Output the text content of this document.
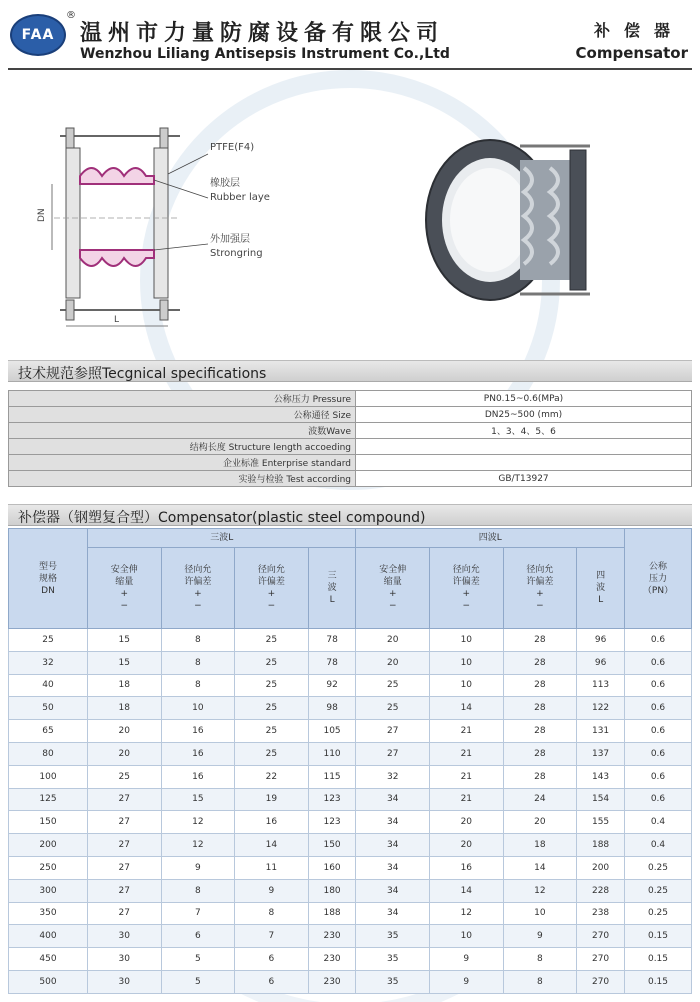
FAA
®
温州市力量防腐设备有限公司
Wenzhou Liliang Antisepsis Instrument Co.,Ltd
补偿器
Compensator
DN
L
PTFE(F4)
橡胶层
Rubber laye
外加强层
Strongring
技术规范参照Tecgnical specifications
公称压力 Pressure	PN0.15~0.6(MPa)
公称通径 Size	DN25~500 (mm)
波数Wave	1、3、4、5、6
结构长度 Structure length accoeding	
企业标准 Enterprise standard	
实验与检验 Test according	GB/T13927
补偿器（钢塑复合型）Compensator(plastic steel compound)
型号
规格
DN	三波L				四波L				公称
压力
（PN）
	安全伸
缩量
+
−	径向允
许偏差
+
−	径向允
许偏差
+
−	三
波
L	安全伸
缩量
+
−	径向允
许偏差
+
−	径向允
许偏差
+
−	四
波
L	
25	15	8	25	78	20	10	28	96	0.6
32	15	8	25	78	20	10	28	96	0.6
40	18	8	25	92	25	10	28	113	0.6
50	18	10	25	98	25	14	28	122	0.6
65	20	16	25	105	27	21	28	131	0.6
80	20	16	25	110	27	21	28	137	0.6
100	25	16	22	115	32	21	28	143	0.6
125	27	15	19	123	34	21	24	154	0.6
150	27	12	16	123	34	20	20	155	0.4
200	27	12	14	150	34	20	18	188	0.4
250	27	9	11	160	34	16	14	200	0.25
300	27	8	9	180	34	14	12	228	0.25
350	27	7	8	188	34	12	10	238	0.25
400	30	6	7	230	35	10	9	270	0.15
450	30	5	6	230	35	9	8	270	0.15
500	30	5	6	230	35	9	8	270	0.15
